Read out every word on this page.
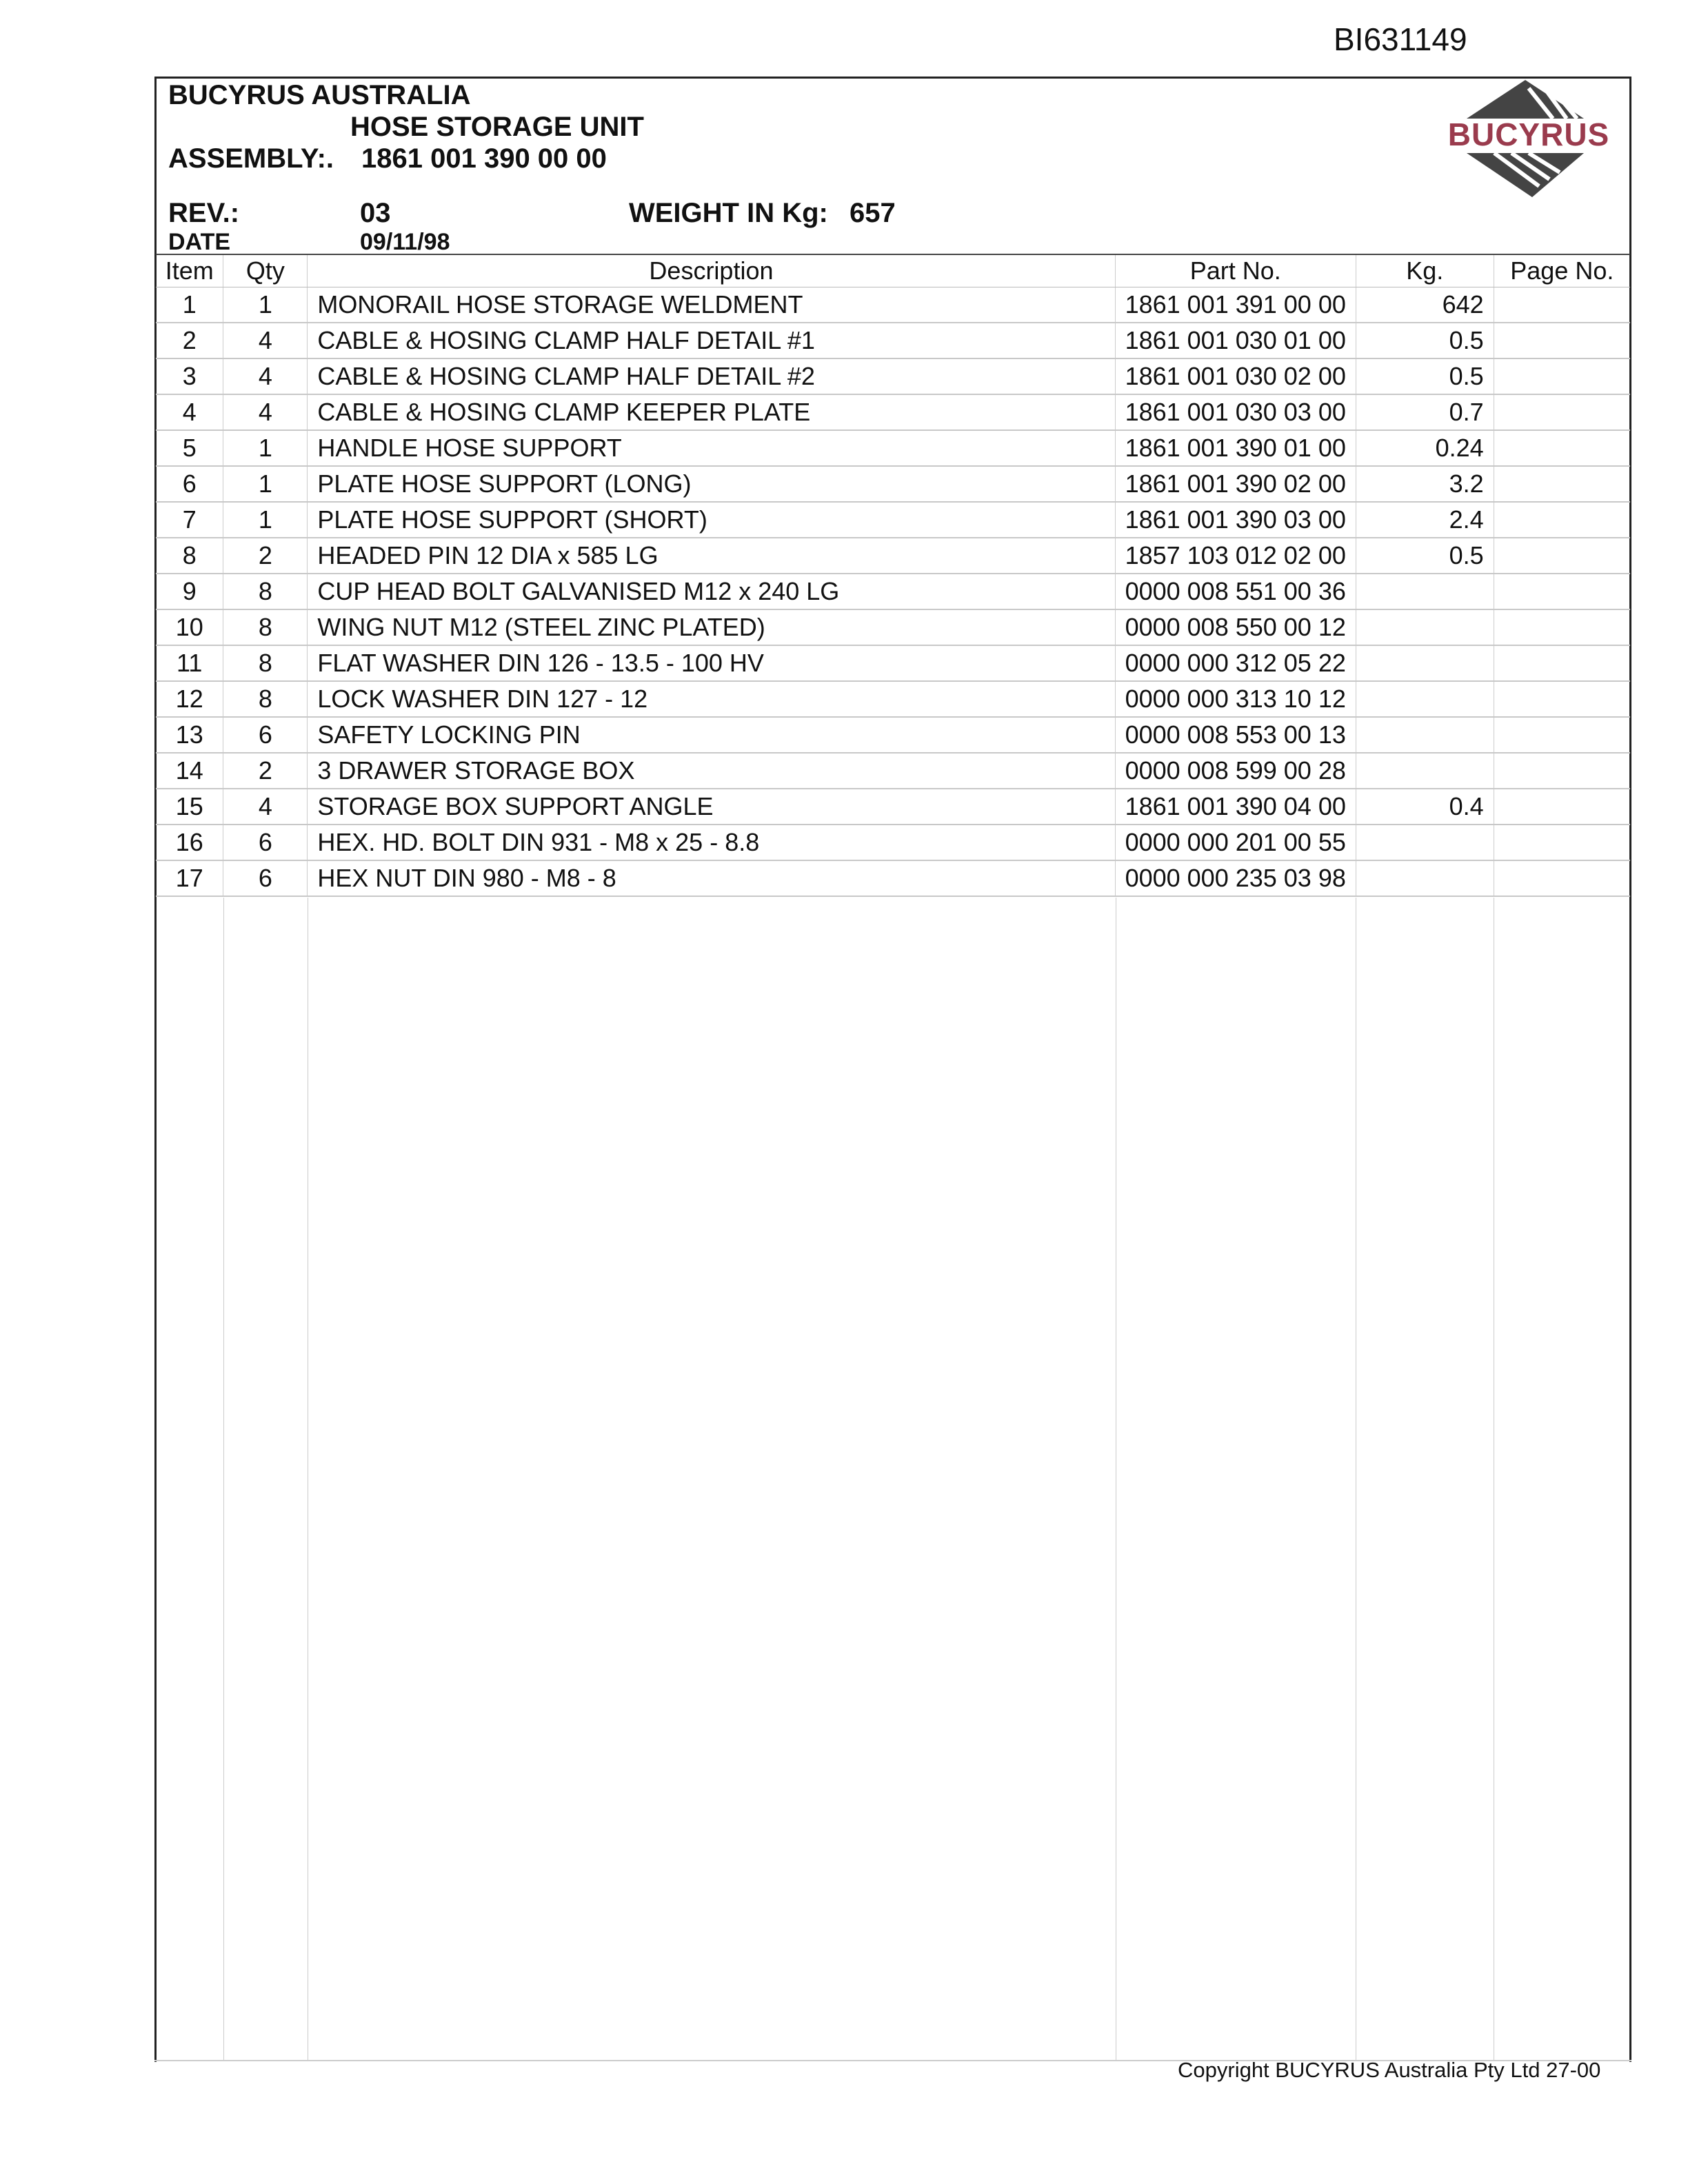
BI631149
BUCYRUS AUSTRALIA
HOSE STORAGE UNIT
ASSEMBLY:. 1861 001 390 00 00
REV.:	03	WEIGHT IN Kg: 657
DATE	09/11/98
BUCYRUS
Item	Qty	Description	Part No.	Kg.	Page No.
1	1	MONORAIL HOSE STORAGE WELDMENT	1861 001 391 00 00	642	
2	4	CABLE & HOSING CLAMP HALF DETAIL #1	1861 001 030 01 00	0.5	
3	4	CABLE & HOSING CLAMP HALF DETAIL #2	1861 001 030 02 00	0.5	
4	4	CABLE & HOSING CLAMP KEEPER PLATE	1861 001 030 03 00	0.7	
5	1	HANDLE HOSE SUPPORT	1861 001 390 01 00	0.24	
6	1	PLATE HOSE SUPPORT (LONG)	1861 001 390 02 00	3.2	
7	1	PLATE HOSE SUPPORT (SHORT)	1861 001 390 03 00	2.4	
8	2	HEADED PIN 12 DIA x 585 LG	1857 103 012 02 00	0.5	
9	8	CUP HEAD BOLT GALVANISED M12 x 240 LG	0000 008 551 00 36		
10	8	WING NUT M12 (STEEL ZINC PLATED)	0000 008 550 00 12		
11	8	FLAT WASHER DIN 126 - 13.5 - 100 HV	0000 000 312 05 22		
12	8	LOCK WASHER DIN 127 - 12	0000 000 313 10 12		
13	6	SAFETY LOCKING PIN	0000 008 553 00 13		
14	2	3 DRAWER STORAGE BOX	0000 008 599 00 28		
15	4	STORAGE BOX SUPPORT ANGLE	1861 001 390 04 00	0.4	
16	6	HEX. HD. BOLT DIN 931 - M8 x 25 - 8.8	0000 000 201 00 55		
17	6	HEX NUT DIN 980 - M8 - 8	0000 000 235 03 98		
Copyright BUCYRUS Australia Pty Ltd 27-00
